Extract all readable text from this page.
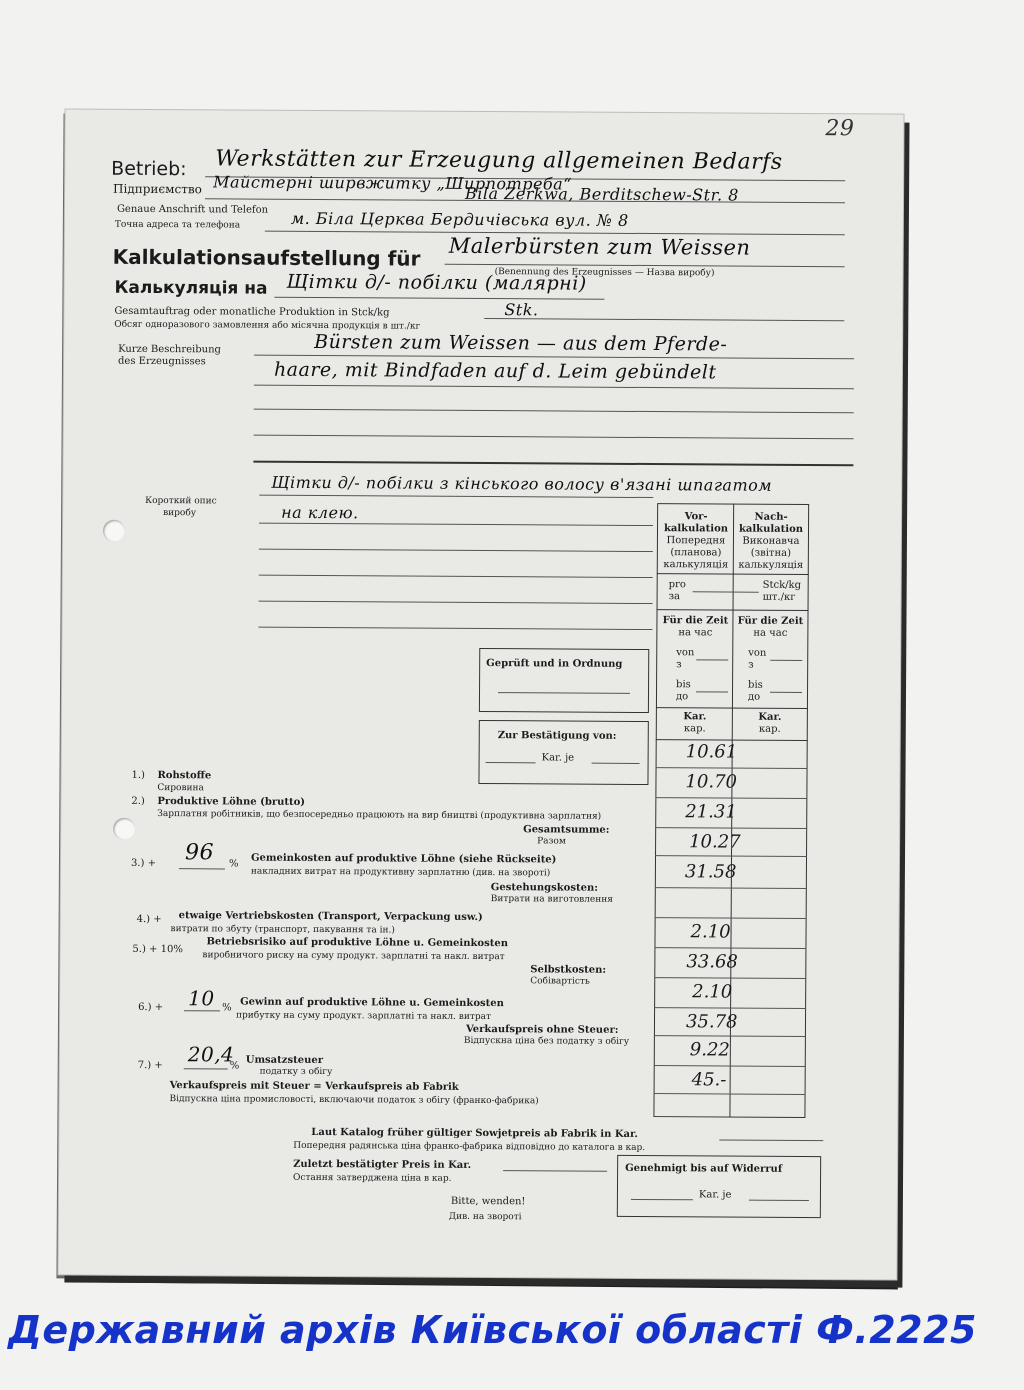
29
Betrieb: Werkstätten zur Erzeugung allgemeinen Bedarfs
Підприємство Майстерні ширвжитку „Ширпотреба“
Genaue Anschrift und Telefon
Bila Zerkwa, Berditschew-Str. 8
Точна адреса та телефона	м. Біла Церква Бердичівська вул. № 8
Kalkulationsaufstellung für Malerbürsten zum Weissen
(Benennung des Erzeugnisses — Назва виробу)
Калькуляція на Щітки д/- побілки (малярні)
Gesamtauftrag oder monatliche Produktion in Stck/kg	Stk.
Обсяг одноразового замовлення або місячна продукція в шт./кг
Kurze Beschreibung
des Erzeugnisses
Bürsten zum Weissen — aus dem Pferde-
haare, mit Bindfaden auf d. Leim gebündelt
Короткий опис
виробу
Щітки д/- побілки з кінського волосу в'язані шпагатом
на клею.
Geprüft und in Ordnung
Zur Bestätigung von:
Kar. je
Vor-kalkulation
Попередня (планова) калькуляція
Nach-kalkulation
Виконавча (звітна) калькуляція
pro
за
Stck/kg
шт./кг
Für die Zeit
на час
Für die Zeit
на час
von
з
bis
до
von
з
bis
до
Kar.
кар.
Kar.
кар.
10.61
10.70
21.31
10.27
31.58
2.10
33.68
2.10
35.78
9.22
45.-
1.) Rohstoffe
Сировина
2.) Produktive Löhne (brutto)
Зарплатня робітників, що безпосередньо працюють на вир бництві (продуктивна зарплатня)
Gesamtsumme:
Разом
3.) + 96 % Gemeinkosten auf produktive Löhne (siehe Rückseite)
накладних витрат на продуктивну зарплатню (див. на звороті)
Gestehungskosten:
Витрати на виготовлення
4.) + etwaige Vertriebskosten (Transport, Verpackung usw.)
витрати по збуту (транспорт, пакування та ін.)
5.) + 10%
Betriebsrisiko auf produktive Löhne u. Gemeinkosten
виробничого риску на суму продукт. зарплатні та накл. витрат
Selbstkosten:
Собівартість
6.) + 10 % Gewinn auf produktive Löhne u. Gemeinkosten
прибутку на суму продукт. зарплатні та накл. витрат
Verkaufspreis ohne Steuer:
Відпускна ціна без податку з обігу
7.) + 20,4
% Umsatzsteuer
податку з обігу
Verkaufspreis mit Steuer = Verkaufspreis ab Fabrik
Відпускна ціна промисловості, включаючи податок з обігу (франко-фабрика)
Laut Katalog früher gültiger Sowjetpreis ab Fabrik in Kar.
Попередня радянська ціна франко-фабрика відповідно до каталога в кар.
Zuletzt bestätigter Preis in Kar.
Остання затверджена ціна в кар.
Bitte, wenden!
Див. на звороті
Genehmigt bis auf Widerruf
Kar. je
Державний архів Київської області Ф.2225
